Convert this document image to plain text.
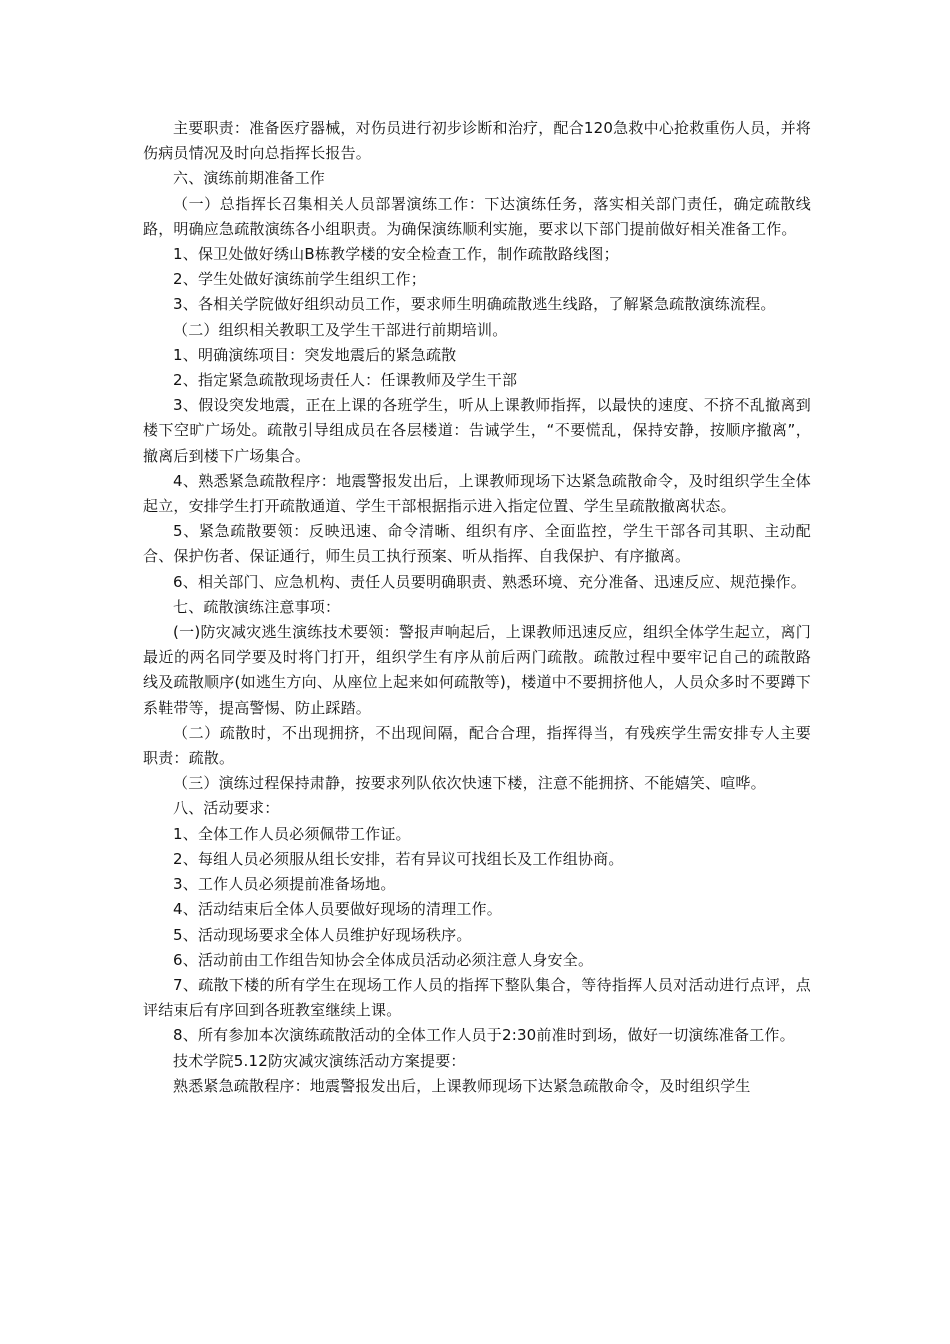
主要职责：准备医疗器械，对伤员进行初步诊断和治疗，配合120急救中心抢救重伤人员，并将伤病员情况及时向总指挥长报告。

六、演练前期准备工作

（一）总指挥长召集相关人员部署演练工作：下达演练任务，落实相关部门责任，确定疏散线路，明确应急疏散演练各小组职责。为确保演练顺利实施，要求以下部门提前做好相关准备工作。

1、保卫处做好绣山B栋教学楼的安全检查工作，制作疏散路线图；

2、学生处做好演练前学生组织工作；

3、各相关学院做好组织动员工作，要求师生明确疏散逃生线路，了解紧急疏散演练流程。

（二）组织相关教职工及学生干部进行前期培训。

1、明确演练项目：突发地震后的紧急疏散

2、指定紧急疏散现场责任人：任课教师及学生干部

3、假设突发地震，正在上课的各班学生，听从上课教师指挥，以最快的速度、不挤不乱撤离到楼下空旷广场处。疏散引导组成员在各层楼道：告诫学生，“不要慌乱，保持安静，按顺序撤离”，撤离后到楼下广场集合。

4、熟悉紧急疏散程序：地震警报发出后，上课教师现场下达紧急疏散命令，及时组织学生全体起立，安排学生打开疏散通道、学生干部根据指示进入指定位置、学生呈疏散撤离状态。

5、紧急疏散要领：反映迅速、命令清晰、组织有序、全面监控，学生干部各司其职、主动配合、保护伤者、保证通行，师生员工执行预案、听从指挥、自我保护、有序撤离。

6、相关部门、应急机构、责任人员要明确职责、熟悉环境、充分准备、迅速反应、规范操作。

七、疏散演练注意事项：

(一)防灾减灾逃生演练技术要领：警报声响起后，上课教师迅速反应，组织全体学生起立，离门最近的两名同学要及时将门打开，组织学生有序从前后两门疏散。疏散过程中要牢记自己的疏散路线及疏散顺序(如逃生方向、从座位上起来如何疏散等)，楼道中不要拥挤他人，人员众多时不要蹲下系鞋带等，提高警惕、防止踩踏。

（二）疏散时，不出现拥挤，不出现间隔，配合合理，指挥得当，有残疾学生需安排专人主要职责：疏散。

（三）演练过程保持肃静，按要求列队依次快速下楼，注意不能拥挤、不能嬉笑、喧哗。

八、活动要求：

1、全体工作人员必须佩带工作证。

2、每组人员必须服从组长安排，若有异议可找组长及工作组协商。

3、工作人员必须提前准备场地。

4、活动结束后全体人员要做好现场的清理工作。

5、活动现场要求全体人员维护好现场秩序。

6、活动前由工作组告知协会全体成员活动必须注意人身安全。

7、疏散下楼的所有学生在现场工作人员的指挥下整队集合，等待指挥人员对活动进行点评，点评结束后有序回到各班教室继续上课。

8、所有参加本次演练疏散活动的全体工作人员于2:30前准时到场，做好一切演练准备工作。

技术学院5.12防灾减灾演练活动方案提要：

熟悉紧急疏散程序：地震警报发出后，上课教师现场下达紧急疏散命令，及时组织学生
